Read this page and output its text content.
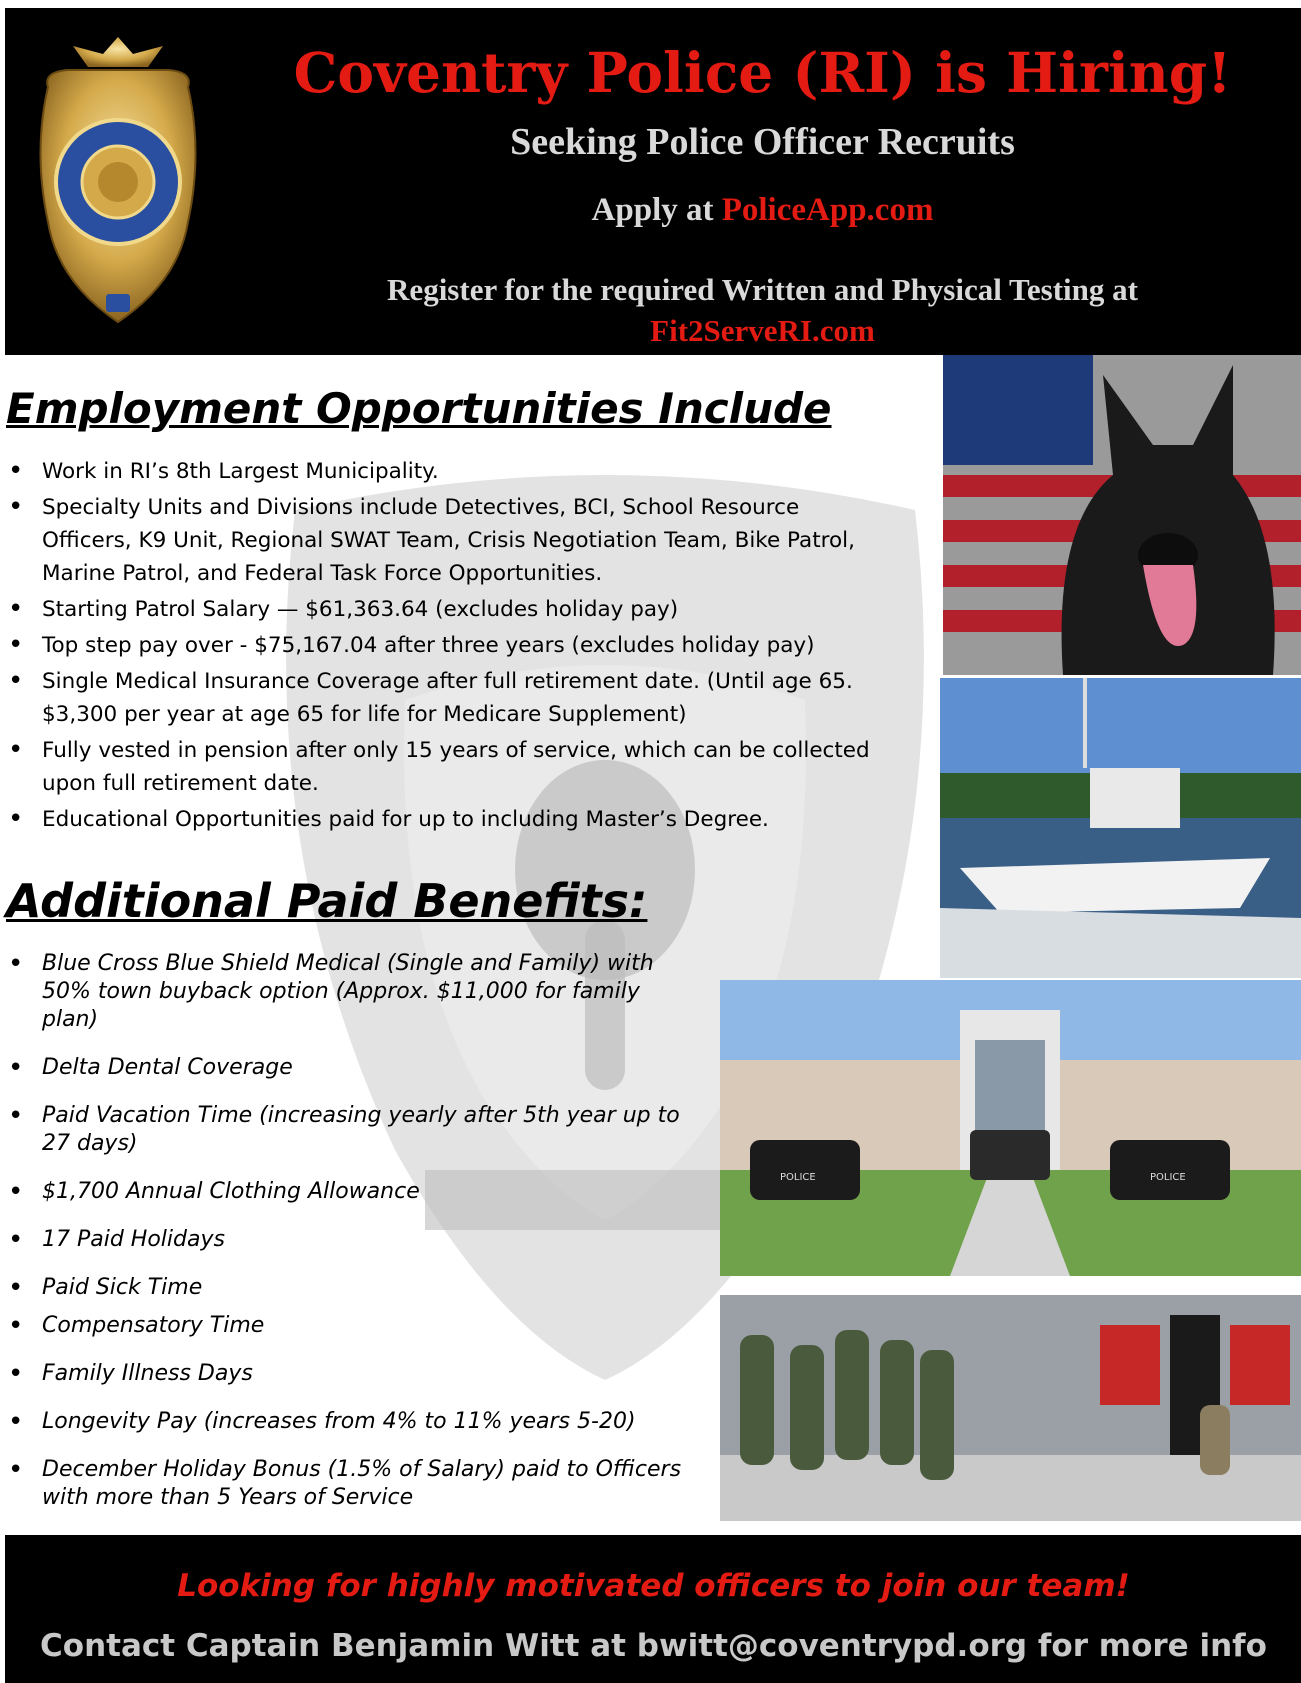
Coventry Police (RI) is Hiring!
Seeking Police Officer Recruits
Apply at PoliceApp.com
Register for the required Written and Physical Testing at
Fit2ServeRI.com
Employment Opportunities Include
• Work in RI’s 8th Largest Municipality.
• Specialty Units and Divisions include Detectives, BCI, School Resource Officers, K9 Unit, Regional SWAT Team, Crisis Negotiation Team, Bike Patrol, Marine Patrol, and Federal Task Force Opportunities.
• Starting Patrol Salary — $61,363.64 (excludes holiday pay)
• Top step pay over - $75,167.04 after three years (excludes holiday pay)
• Single Medical Insurance Coverage after full retirement date. (Until age 65. $3,300 per year at age 65 for life for Medicare Supplement)
• Fully vested in pension after only 15 years of service, which can be collected upon full retirement date.
• Educational Opportunities paid for up to including Master’s Degree.
Additional Paid Benefits:
• Blue Cross Blue Shield Medical (Single and Family) with 50% town buyback option (Approx. $11,000 for family plan)
• Delta Dental Coverage
• Paid Vacation Time (increasing yearly after 5th year up to 27 days)
• $1,700 Annual Clothing Allowance
• 17 Paid Holidays
• Paid Sick Time
• Compensatory Time
• Family Illness Days
• Longevity Pay (increases from 4% to 11% years 5-20)
• December Holiday Bonus (1.5% of Salary) paid to Officers with more than 5 Years of Service
POLICE	POLICE
Looking for highly motivated officers to join our team!
Contact Captain Benjamin Witt at bwitt@coventrypd.org for more info
